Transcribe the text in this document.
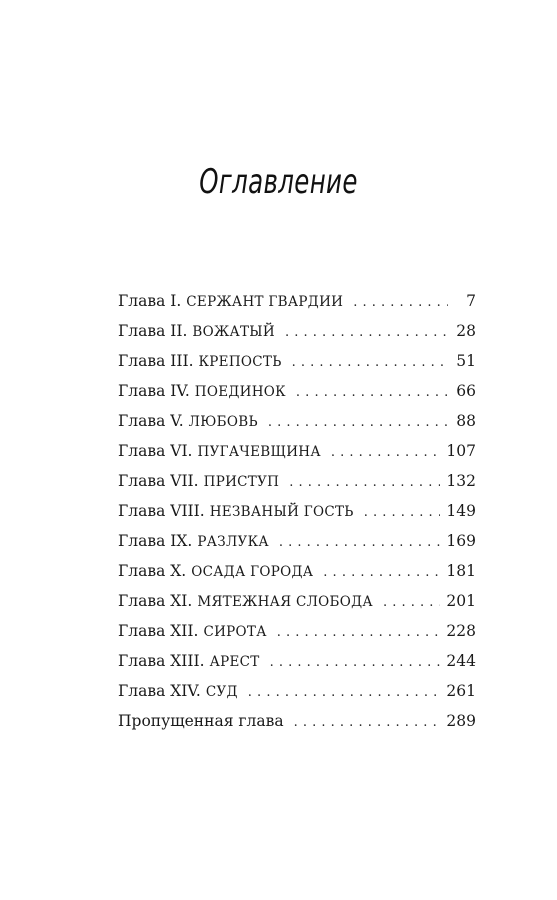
Оглавление
Глава I. СЕРЖАНТ ГВАРДИИ . . .	7
Глава II. ВОЖАТЫЙ . . .	28
Глава III. КРЕПОСТЬ . . .	51
Глава IV. ПОЕДИНОК . . .	66
Глава V. ЛЮБОВЬ . . .	88
Глава VI. ПУГАЧЕВЩИНА . . .	107
Глава VII. ПРИСТУП . . .	132
Глава VIII. НЕЗВАНЫЙ ГОСТЬ . . .	149
Глава IX. РАЗЛУКА . . .	169
Глава X. ОСАДА ГОРОДА . . .	181
Глава XI. МЯТЕЖНАЯ СЛОБОДА . . .	201
Глава XII. СИРОТА . . .	228
Глава XIII. АРЕСТ . . .	244
Глава XIV. СУД . . .	261
Пропущенная глава . . .	289
